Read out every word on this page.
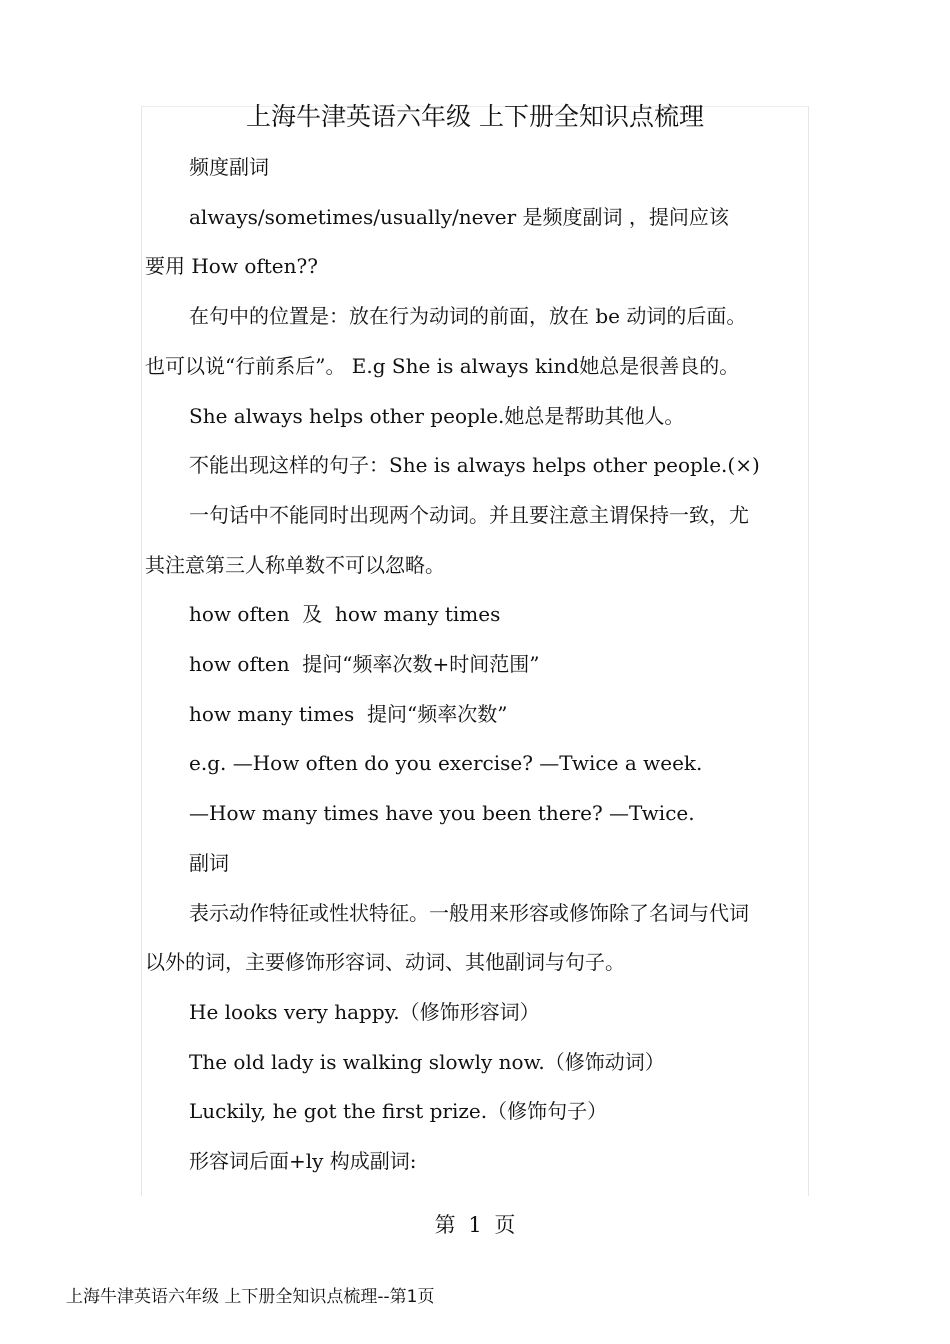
上海牛津英语六年级 上下册全知识点梳理

频度副词

always/sometimes/usually/never 是频度副词 ，提问应该

要用 How often??

在句中的位置是：放在行为动词的前面，放在 be 动词的后面。

也可以说“行前系后”。 E.g She is always kind她总是很善良的。

She always helps other people.她总是帮助其他人。

不能出现这样的句子：She is always helps other people.(×)

一句话中不能同时出现两个动词。并且要注意主谓保持一致，尤

其注意第三人称单数不可以忽略。

how often  及  how many times

how often  提问“频率次数+时间范围”

how many times  提问“频率次数”

e.g. —How often do you exercise? —Twice a week.

—How many times have you been there? —Twice.

副词

表示动作特征或性状特征。一般用来形容或修饰除了名词与代词

以外的词，主要修饰形容词、动词、其他副词与句子。

He looks very happy.（修饰形容词）

The old lady is walking slowly now.（修饰动词）

Luckily, he got the first prize.（修饰句子）

形容词后面+ly 构成副词:

第 1 页
上海牛津英语六年级 上下册全知识点梳理--第1页
